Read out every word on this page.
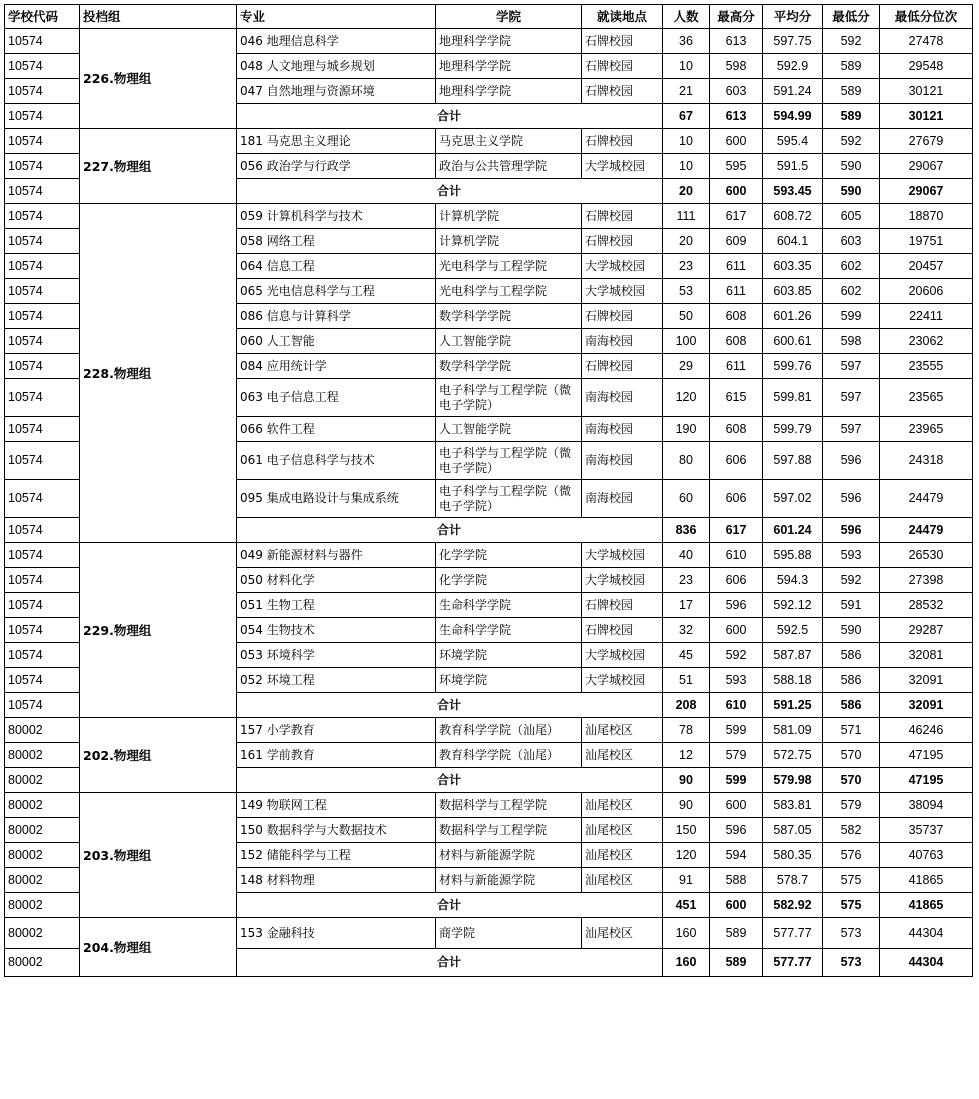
学校代码	投档组	专业	学院	就读地点	人数	最高分	平均分	最低分	最低分位次
10574	226.物理组	046 地理信息科学	地理科学学院	石牌校园	36	613	597.75	592	27478
10574		048 人文地理与城乡规划	地理科学学院	石牌校园	10	598	592.9	589	29548
10574		047 自然地理与资源环境	地理科学学院	石牌校园	21	603	591.24	589	30121
10574		合计			67	613	594.99	589	30121
10574	227.物理组	181 马克思主义理论	马克思主义学院	石牌校园	10	600	595.4	592	27679
10574		056 政治学与行政学	政治与公共管理学院	大学城校园	10	595	591.5	590	29067
10574		合计			20	600	593.45	590	29067
10574	228.物理组	059 计算机科学与技术	计算机学院	石牌校园	111	617	608.72	605	18870
10574		058 网络工程	计算机学院	石牌校园	20	609	604.1	603	19751
10574		064 信息工程	光电科学与工程学院	大学城校园	23	611	603.35	602	20457
10574		065 光电信息科学与工程	光电科学与工程学院	大学城校园	53	611	603.85	602	20606
10574		086 信息与计算科学	数学科学学院	石牌校园	50	608	601.26	599	22411
10574		060 人工智能	人工智能学院	南海校园	100	608	600.61	598	23062
10574		084 应用统计学	数学科学学院	石牌校园	29	611	599.76	597	23555
10574		063 电子信息工程	电子科学与工程学院（微电子学院）	南海校园	120	615	599.81	597	23565
10574		066 软件工程	人工智能学院	南海校园	190	608	599.79	597	23965
10574		061 电子信息科学与技术	电子科学与工程学院（微电子学院）	南海校园	80	606	597.88	596	24318
10574		095 集成电路设计与集成系统	电子科学与工程学院（微电子学院）	南海校园	60	606	597.02	596	24479
10574		合计			836	617	601.24	596	24479
10574	229.物理组	049 新能源材料与器件	化学学院	大学城校园	40	610	595.88	593	26530
10574		050 材料化学	化学学院	大学城校园	23	606	594.3	592	27398
10574		051 生物工程	生命科学学院	石牌校园	17	596	592.12	591	28532
10574		054 生物技术	生命科学学院	石牌校园	32	600	592.5	590	29287
10574		053 环境科学	环境学院	大学城校园	45	592	587.87	586	32081
10574		052 环境工程	环境学院	大学城校园	51	593	588.18	586	32091
10574		合计			208	610	591.25	586	32091
80002	202.物理组	157 小学教育	教育科学学院（汕尾）	汕尾校区	78	599	581.09	571	46246
80002		161 学前教育	教育科学学院（汕尾）	汕尾校区	12	579	572.75	570	47195
80002		合计			90	599	579.98	570	47195
80002	203.物理组	149 物联网工程	数据科学与工程学院	汕尾校区	90	600	583.81	579	38094
80002		150 数据科学与大数据技术	数据科学与工程学院	汕尾校区	150	596	587.05	582	35737
80002		152 储能科学与工程	材料与新能源学院	汕尾校区	120	594	580.35	576	40763
80002		148 材料物理	材料与新能源学院	汕尾校区	91	588	578.7	575	41865
80002		合计			451	600	582.92	575	41865
80002	204.物理组	153 金融科技	商学院	汕尾校区	160	589	577.77	573	44304
80002		合计			160	589	577.77	573	44304
